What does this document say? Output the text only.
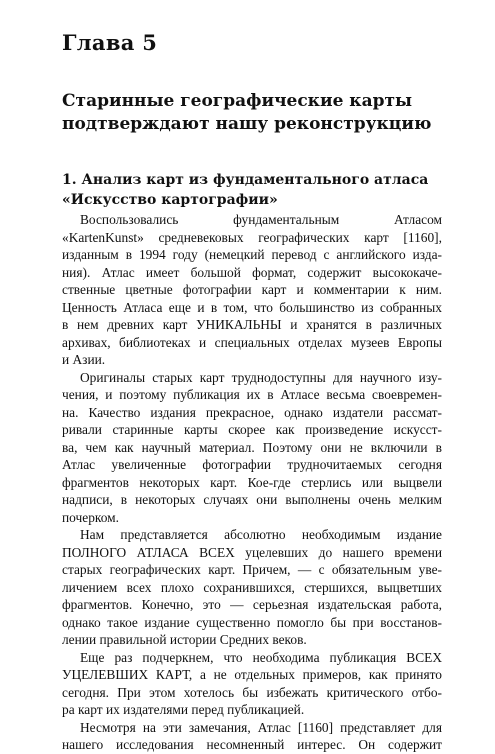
Глава 5
Старинные географические карты
подтверждают нашу реконструкцию
1. Анализ карт из фундаментального атласа
«Искусство картографии»
Воспользовались фундаментальным Атласом
«KartenKunst» средневековых географических карт [1160],
изданным в 1994 году (немецкий перевод с английского изда-
ния). Атлас имеет большой формат, содержит высококаче-
ственные цветные фотографии карт и комментарии к ним.
Ценность Атласа еще и в том, что большинство из собранных
в нем древних карт УНИКАЛЬНЫ и хранятся в различных
архивах, библиотеках и специальных отделах музеев Европы
и Азии.
Оригиналы старых карт труднодоступны для научного изу-
чения, и поэтому публикация их в Атласе весьма своевремен-
на. Качество издания прекрасное, однако издатели рассмат-
ривали старинные карты скорее как произведение искусст-
ва, чем как научный материал. Поэтому они не включили в
Атлас увеличенные фотографии трудночитаемых сегодня
фрагментов некоторых карт. Кое-где стерлись или выцвели
надписи, в некоторых случаях они выполнены очень мелким
почерком.
Нам представляется абсолютно необходимым издание
ПОЛНОГО АТЛАСА ВСЕХ уцелевших до нашего времени
старых географических карт. Причем, — с обязательным уве-
личением всех плохо сохранившихся, стершихся, выцветших
фрагментов. Конечно, это — серьезная издательская работа,
однако такое издание существенно помогло бы при восстанов-
лении правильной истории Средних веков.
Еще раз подчеркнем, что необходима публикация ВСЕХ
УЦЕЛЕВШИХ КАРТ, а не отдельных примеров, как принято
сегодня. При этом хотелось бы избежать критического отбо-
ра карт их издателями перед публикацией.
Несмотря на эти замечания, Атлас [1160] представляет для
нашего исследования несомненный интерес. Он содержит
